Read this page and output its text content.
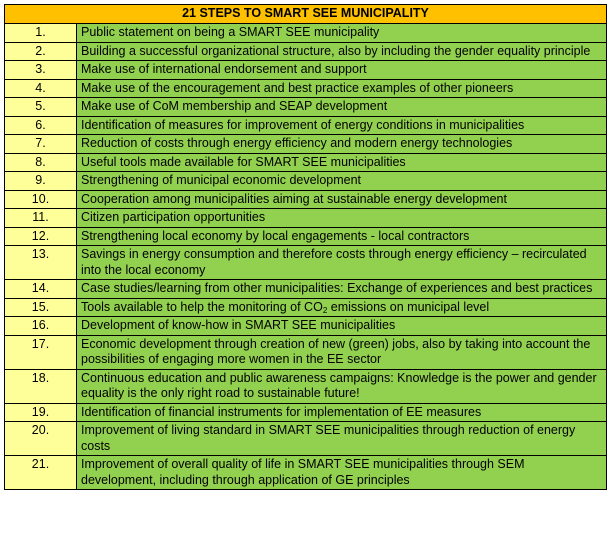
21 STEPS TO SMART SEE MUNICIPALITY	
1.	Public statement on being a SMART SEE municipality
2.	Building a successful organizational structure, also by including the gender equality principle
3.	Make use of international endorsement and support
4.	Make use of the encouragement and best practice examples of other pioneers
5.	Make use of CoM membership and SEAP development
6.	Identification of measures for improvement of energy conditions in municipalities
7.	Reduction of costs through energy efficiency and modern energy technologies
8.	Useful tools made available for SMART SEE municipalities
9.	Strengthening of municipal economic development
10.	Cooperation among municipalities aiming at sustainable energy development
11.	Citizen participation opportunities
12.	Strengthening local economy by local engagements - local contractors
13.	Savings in energy consumption and therefore costs through energy efficiency – recirculated into the local economy
14.	Case studies/learning from other municipalities: Exchange of experiences and best practices
15.	Tools available to help the monitoring of $CO_2$ emissions on municipal level
16.	Development of know-how in SMART SEE municipalities
17.	Economic development through creation of new (green) jobs, also by taking into account the possibilities of engaging more women in the EE sector
18.	Continuous education and public awareness campaigns: Knowledge is the power and gender equality is the only right road to sustainable future!
19.	Identification of financial instruments for implementation of EE measures
20.	Improvement of living standard in SMART SEE municipalities through reduction of energy costs
21.	Improvement of overall quality of life in SMART SEE municipalities through SEM development, including through application of GE principles
